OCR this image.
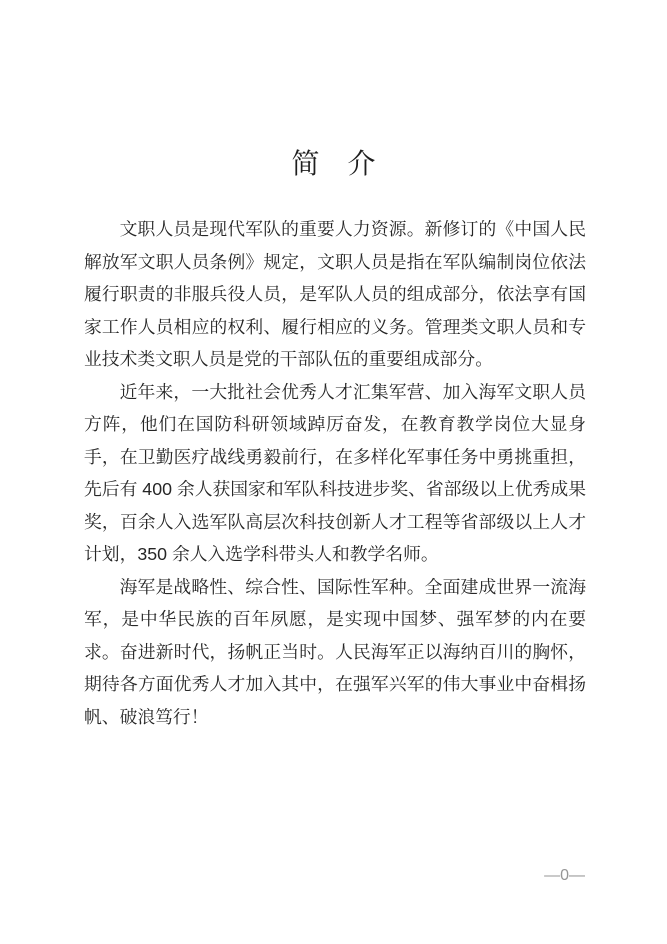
简　介

文职人员是现代军队的重要人力资源。新修订的《中国人民解放军文职人员条例》规定，文职人员是指在军队编制岗位依法履行职责的非服兵役人员，是军队人员的组成部分，依法享有国家工作人员相应的权利、履行相应的义务。管理类文职人员和专业技术类文职人员是党的干部队伍的重要组成部分。

近年来，一大批社会优秀人才汇集军营、加入海军文职人员方阵，他们在国防科研领域踔厉奋发，在教育教学岗位大显身手，在卫勤医疗战线勇毅前行，在多样化军事任务中勇挑重担，先后有 400 余人获国家和军队科技进步奖、省部级以上优秀成果奖，百余人入选军队高层次科技创新人才工程等省部级以上人才计划，350 余人入选学科带头人和教学名师。

海军是战略性、综合性、国际性军种。全面建成世界一流海军，是中华民族的百年夙愿，是实现中国梦、强军梦的内在要求。奋进新时代，扬帆正当时。人民海军正以海纳百川的胸怀，期待各方面优秀人才加入其中，在强军兴军的伟大事业中奋楫扬帆、破浪笃行！

—0—
